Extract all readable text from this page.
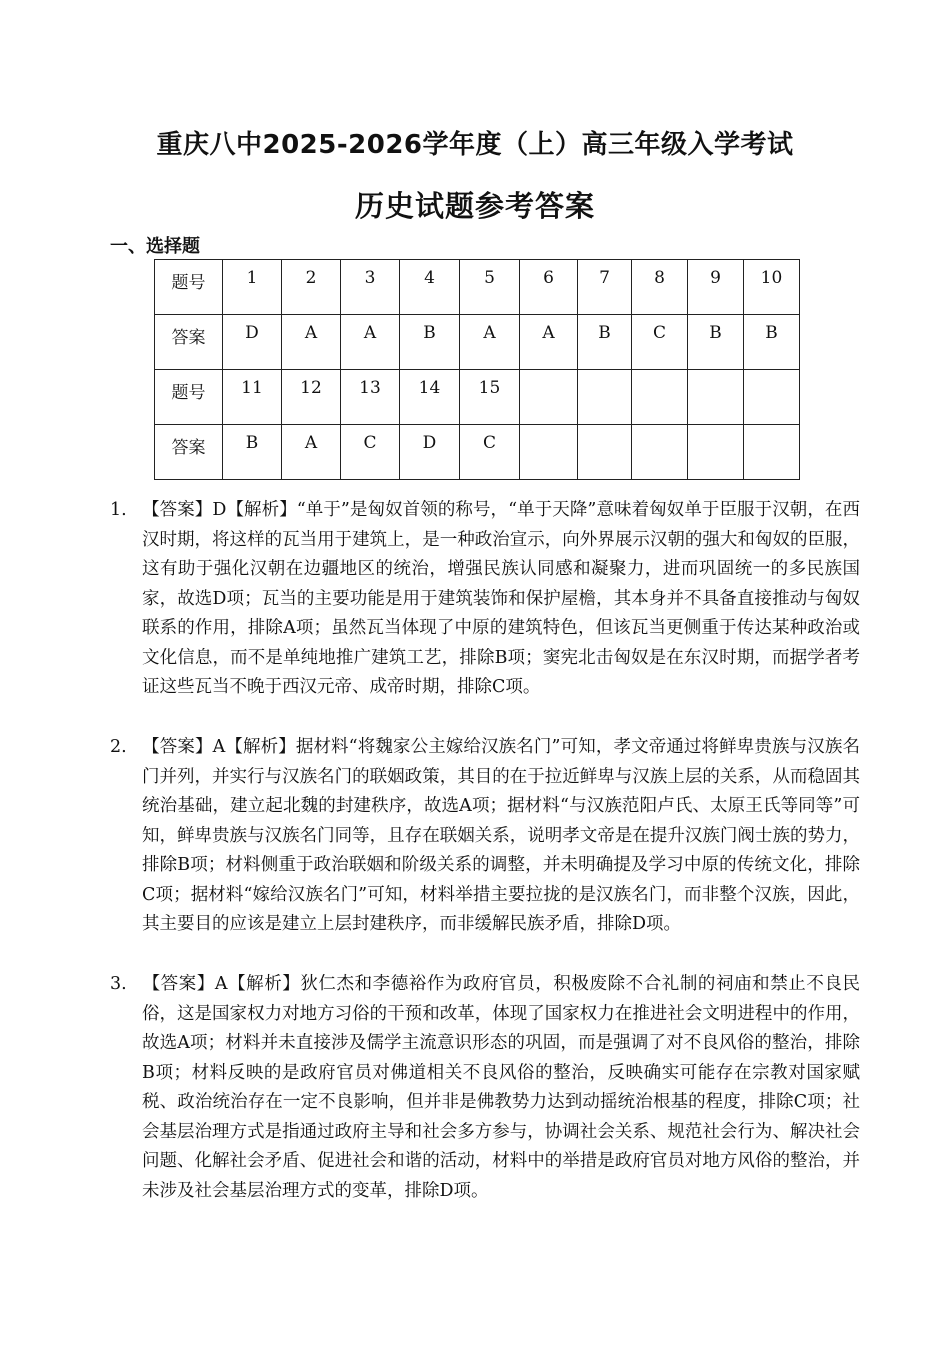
重庆八中2025-2026学年度（上）高三年级入学考试
历史试题参考答案
一、选择题
题号	1	2	3	4	5	6	7	8	9	10
答案	D	A	A	B	A	A	B	C	B	B
题号	11	12	13	14	15					
答案	B	A	C	D	C					

1. 【答案】D【解析】“单于”是匈奴首领的称号，“单于天降”意味着匈奴单于臣服于汉朝，在西汉时期，将这样的瓦当用于建筑上，是一种政治宣示，向外界展示汉朝的强大和匈奴的臣服，这有助于强化汉朝在边疆地区的统治，增强民族认同感和凝聚力，进而巩固统一的多民族国家，故选D项；瓦当的主要功能是用于建筑装饰和保护屋檐，其本身并不具备直接推动与匈奴联系的作用，排除A项；虽然瓦当体现了中原的建筑特色，但该瓦当更侧重于传达某种政治或文化信息，而不是单纯地推广建筑工艺，排除B项；窦宪北击匈奴是在东汉时期，而据学者考证这些瓦当不晚于西汉元帝、成帝时期，排除C项。

2. 【答案】A【解析】据材料“将魏家公主嫁给汉族名门”可知，孝文帝通过将鲜卑贵族与汉族名门并列，并实行与汉族名门的联姻政策，其目的在于拉近鲜卑与汉族上层的关系，从而稳固其统治基础，建立起北魏的封建秩序，故选A项；据材料“与汉族范阳卢氏、太原王氏等同等”可知，鲜卑贵族与汉族名门同等，且存在联姻关系，说明孝文帝是在提升汉族门阀士族的势力，排除B项；材料侧重于政治联姻和阶级关系的调整，并未明确提及学习中原的传统文化，排除C项；据材料“嫁给汉族名门”可知，材料举措主要拉拢的是汉族名门，而非整个汉族，因此，其主要目的应该是建立上层封建秩序，而非缓解民族矛盾，排除D项。

3. 【答案】A【解析】狄仁杰和李德裕作为政府官员，积极废除不合礼制的祠庙和禁止不良民俗，这是国家权力对地方习俗的干预和改革，体现了国家权力在推进社会文明进程中的作用，故选A项；材料并未直接涉及儒学主流意识形态的巩固，而是强调了对不良风俗的整治，排除B项；材料反映的是政府官员对佛道相关不良风俗的整治，反映确实可能存在宗教对国家赋税、政治统治存在一定不良影响，但并非是佛教势力达到动摇统治根基的程度，排除C项；社会基层治理方式是指通过政府主导和社会多方参与，协调社会关系、规范社会行为、解决社会问题、化解社会矛盾、促进社会和谐的活动，材料中的举措是政府官员对地方风俗的整治，并未涉及社会基层治理方式的变革，排除D项。
